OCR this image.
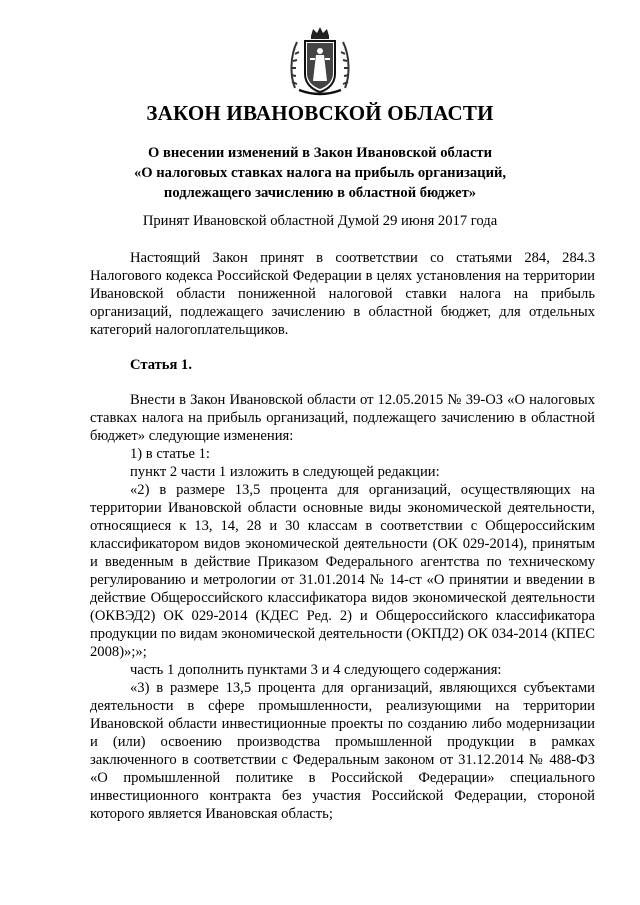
ЗАКОН ИВАНОВСКОЙ ОБЛАСТИ
О внесении изменений в Закон Ивановской области
«О налоговых ставках налога на прибыль организаций,
подлежащего зачислению в областной бюджет»
Принят Ивановской областной Думой 29 июня 2017 года

Настоящий Закон принят в соответствии со статьями 284, 284.3 Налогового кодекса Российской Федерации в целях установления на территории Ивановской области пониженной налоговой ставки налога на прибыль организаций, подлежащего зачислению в областной бюджет, для отдельных категорий налогоплательщиков.

Статья 1.

Внести в Закон Ивановской области от 12.05.2015 № 39-ОЗ «О налоговых ставках налога на прибыль организаций, подлежащего зачислению в областной бюджет» следующие изменения:

1) в статье 1:

пункт 2 части 1 изложить в следующей редакции:

«2) в размере 13,5 процента для организаций, осуществляющих на территории Ивановской области основные виды экономической деятельности, относящиеся к 13, 14, 28 и 30 классам в соответствии с Общероссийским классификатором видов экономической деятельности (ОК 029-2014), принятым и введенным в действие Приказом Федерального агентства по техническому регулированию и метрологии от 31.01.2014 № 14-ст «О принятии и введении в действие Общероссийского классификатора видов экономической деятельности (ОКВЭД2) ОК 029-2014 (КДЕС Ред. 2) и Общероссийского классификатора продукции по видам экономической деятельности (ОКПД2) ОК 034-2014 (КПЕС 2008)»;»;

часть 1 дополнить пунктами 3 и 4 следующего содержания:

«3) в размере 13,5 процента для организаций, являющихся субъектами деятельности в сфере промышленности, реализующими на территории Ивановской области инвестиционные проекты по созданию либо модернизации и (или) освоению производства промышленной продукции в рамках заключенного в соответствии с Федеральным законом от 31.12.2014 № 488-ФЗ «О промышленной политике в Российской Федерации» специального инвестиционного контракта без участия Российской Федерации, стороной которого является Ивановская область;
